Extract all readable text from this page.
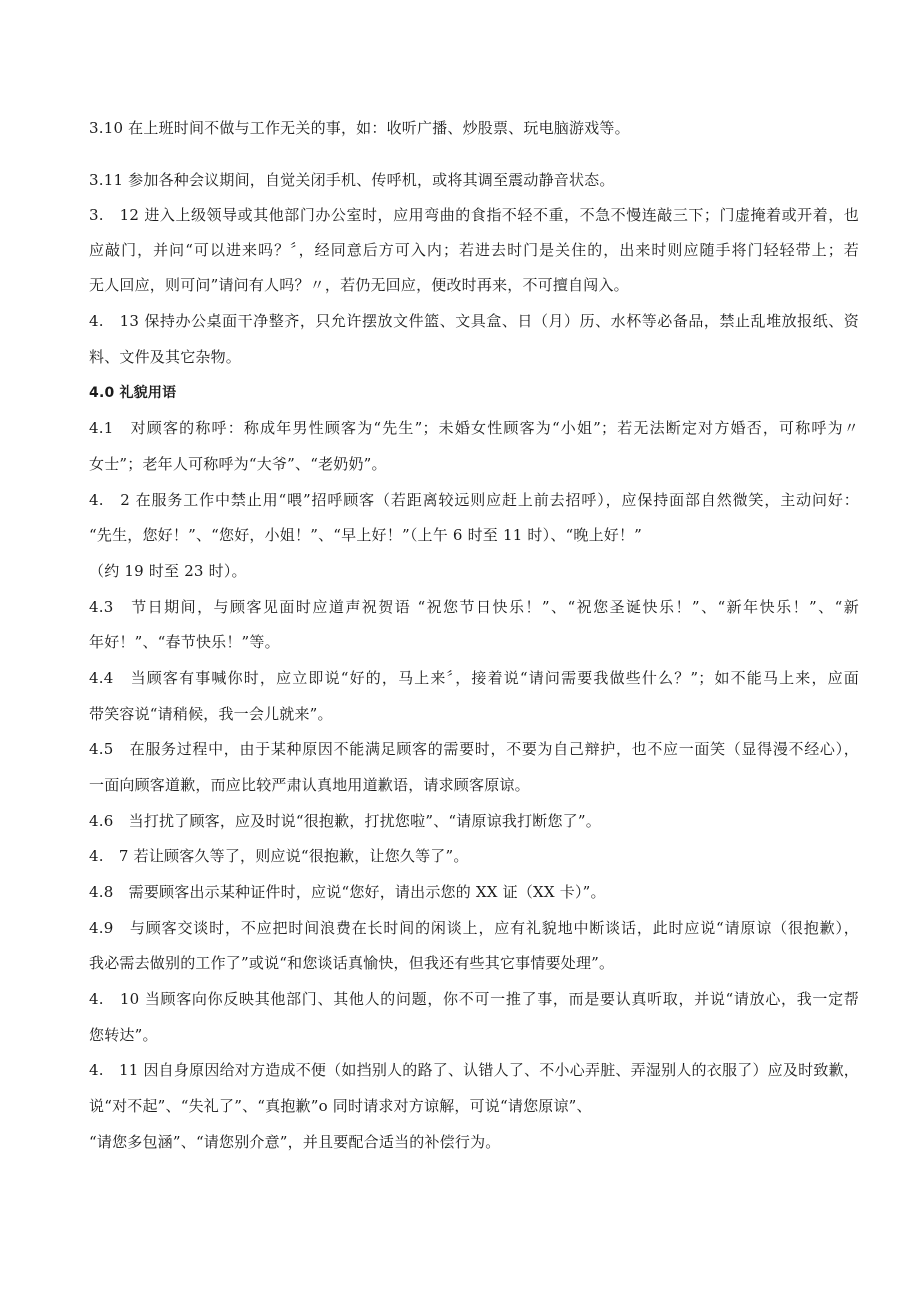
3.10 在上班时间不做与工作无关的事，如：收听广播、炒股票、玩电脑游戏等。
3.11 参加各种会议期间，自觉关闭手机、传呼机，或将其调至震动静音状态。
3.　12 进入上级领导或其他部门办公室时，应用弯曲的食指不轻不重，不急不慢连敲三下；门虚掩着或开着，也
应敲门，并问“可以进来吗？〞，经同意后方可入内；若进去时门是关住的，出来时则应随手将门轻轻带上；若
无人回应，则可问”请问有人吗？〃，若仍无回应，便改时再来，不可擅自闯入。
4.　13 保持办公桌面干净整齐，只允许摆放文件篮、文具盒、日（月）历、水杯等必备品，禁止乱堆放报纸、资
料、文件及其它杂物。
4.0 礼貌用语
4.1　对顾客的称呼：称成年男性顾客为“先生”；未婚女性顾客为“小姐”；若无法断定对方婚否，可称呼为〃
女士”；老年人可称呼为“大爷”、“老奶奶”。
4.　2 在服务工作中禁止用“喂”招呼顾客（若距离较远则应赶上前去招呼），应保持面部自然微笑，主动问好：
“先生，您好！”、“您好，小姐！”、“早上好！”（上午 6 时至 11 时）、“晚上好！”
（约 19 时至 23 时）。
4.3　节日期间，与顾客见面时应道声祝贺语 “祝您节日快乐！”、“祝您圣诞快乐！”、“新年快乐！”、“新
年好！”、“春节快乐！”等。
4.4　当顾客有事喊你时，应立即说“好的，马上来〞，接着说“请问需要我做些什么？”；如不能马上来，应面
带笑容说“请稍候，我一会儿就来”。
4.5　在服务过程中，由于某种原因不能满足顾客的需要时，不要为自己辩护，也不应一面笑（显得漫不经心），
一面向顾客道歉，而应比较严肃认真地用道歉语，请求顾客原谅。
4.6　当打扰了顾客，应及时说“很抱歉，打扰您啦”、“请原谅我打断您了”。
4.　7 若让顾客久等了，则应说“很抱歉，让您久等了”。
4.8　需要顾客出示某种证件时，应说“您好，请出示您的 XX 证（XX 卡）”。
4.9　与顾客交谈时，不应把时间浪费在长时间的闲谈上，应有礼貌地中断谈话，此时应说“请原谅（很抱歉），
我必需去做别的工作了”或说“和您谈话真愉快，但我还有些其它事情要处理”。
4.　10 当顾客向你反映其他部门、其他人的问题，你不可一推了事，而是要认真听取，并说“请放心，我一定帮
您转达”。
4.　11 因自身原因给对方造成不便（如挡别人的路了、认错人了、不小心弄脏、弄湿别人的衣服了）应及时致歉，
说“对不起”、“失礼了”、“真抱歉”o 同时请求对方谅解，可说“请您原谅”、
“请您多包涵”、“请您别介意”，并且要配合适当的补偿行为。
